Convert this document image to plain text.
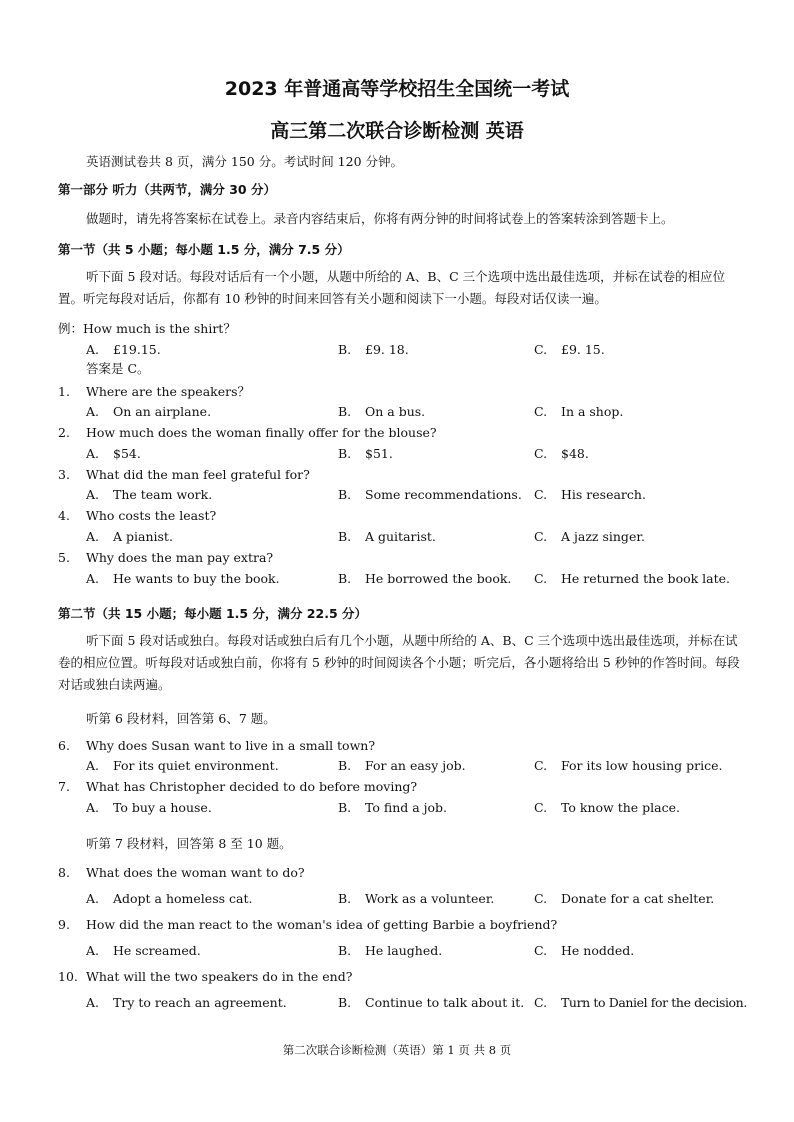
2023 年普通高等学校招生全国统一考试
高三第二次联合诊断检测 英语
英语测试卷共 8 页，满分 150 分。考试时间 120 分钟。
第一部分 听力（共两节，满分 30 分）
做题时，请先将答案标在试卷上。录音内容结束后，你将有两分钟的时间将试卷上的答案转涂到答题卡上。
第一节（共 5 小题；每小题 1.5 分，满分 7.5 分）
听下面 5 段对话。每段对话后有一个小题，从题中所给的 A、B、C 三个选项中选出最佳选项，并标在试卷的相应位置。听完每段对话后，你都有 10 秒钟的时间来回答有关小题和阅读下一小题。每段对话仅读一遍。
例：How much is the shirt？
A. £19.15.	B. £9. 18.	C. £9. 15.
答案是 C。
1. Where are the speakers？
A. On an airplane.	B. On a bus.	C. In a shop.
2. How much does the woman finally offer for the blouse?
A. $54.	B. $51.	C. $48.
3. What did the man feel grateful for?
A. The team work.	B. Some recommendations. C. His research.
4. Who costs the least?
A. A pianist.	B. A guitarist.	C. A jazz singer.
5. Why does the man pay extra?
A. He wants to buy the book.	B. He borrowed the book. C. He returned the book late.
第二节（共 15 小题；每小题 1.5 分，满分 22.5 分）
听下面 5 段对话或独白。每段对话或独白后有几个小题，从题中所给的 A、B、C 三个选项中选出最佳选项，并标在试卷的相应位置。听每段对话或独白前，你将有 5 秒钟的时间阅读各个小题；听完后，各小题将给出 5 秒钟的作答时间。每段对话或独白读两遍。
听第 6 段材料，回答第 6、7 题。
6. Why does Susan want to live in a small town?
A. For its quiet environment.	B. For an easy job.	C. For its low housing price.
7. What has Christopher decided to do before moving?
A. To buy a house.	B. To find a job.	C. To know the place.
听第 7 段材料，回答第 8 至 10 题。
8. What does the woman want to do?
A. Adopt a homeless cat.	B. Work as a volunteer.	C. Donate for a cat shelter.
9. How did the man react to the woman's idea of getting Barbie a boyfriend?
A. He screamed.	B. He laughed.	C. He nodded.
10. What will the two speakers do in the end?
A. Try to reach an agreement.	B. Continue to talk about it. C. Turn to Daniel for the decision.
第二次联合诊断检测（英语）第 1 页 共 8 页
